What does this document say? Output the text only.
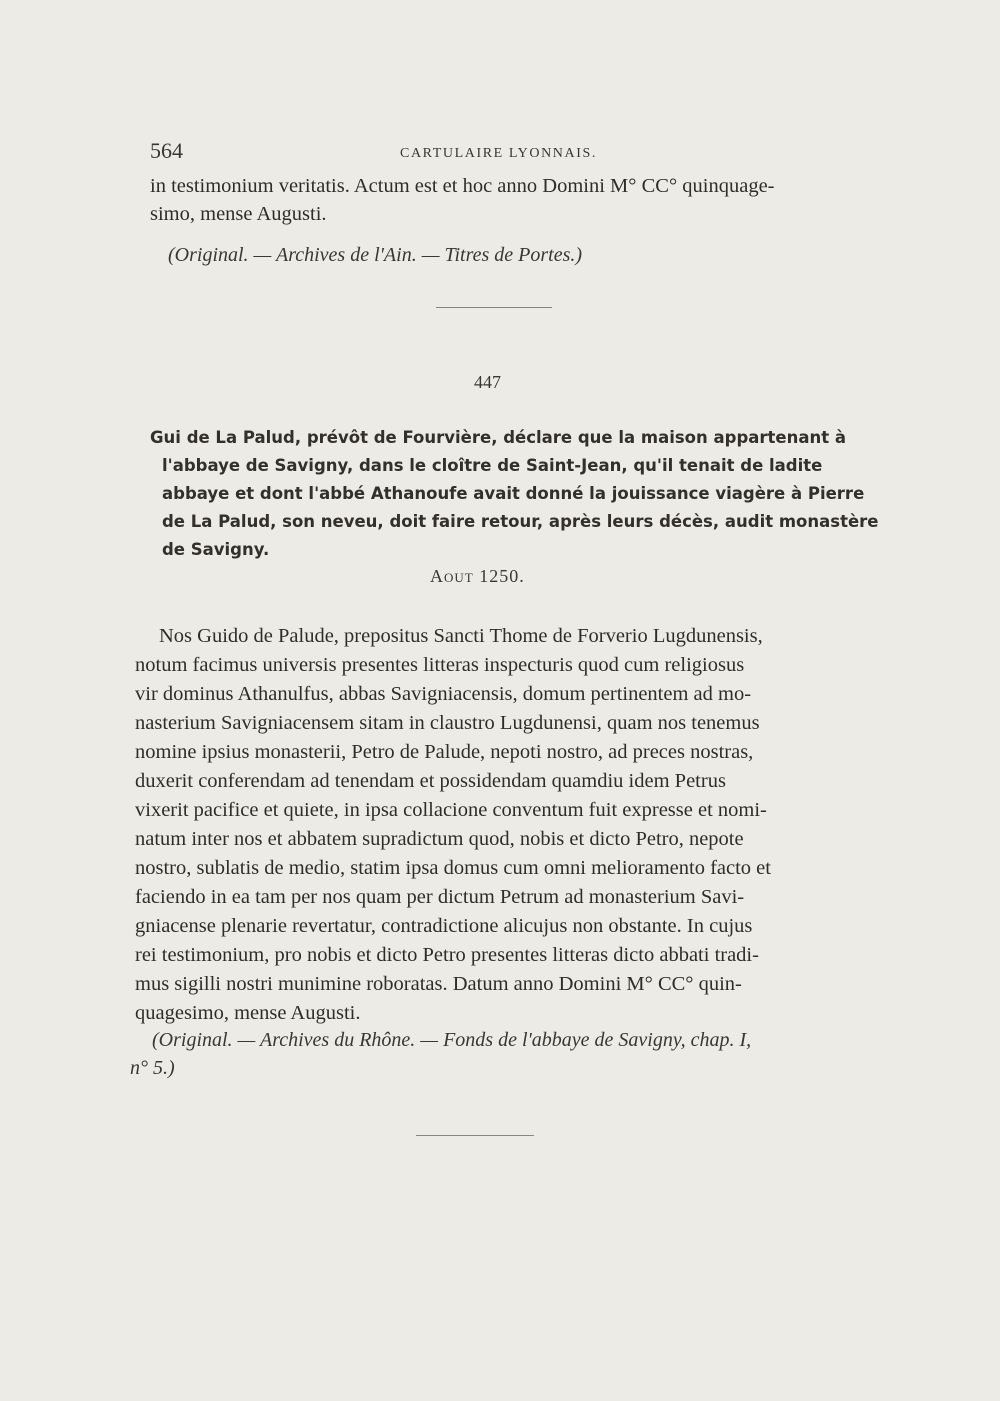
564	CARTULAIRE LYONNAIS.
in testimonium veritatis. Actum est et hoc anno Domini M° CC° quinquage-
simo, mense Augusti.
(Original. — Archives de l'Ain. — Titres de Portes.)
447
Gui de La Palud, prévôt de Fourvière, déclare que la maison appartenant à
l'abbaye de Savigny, dans le cloître de Saint-Jean, qu'il tenait de ladite
abbaye et dont l'abbé Athanoufe avait donné la jouissance viagère à Pierre
de La Palud, son neveu, doit faire retour, après leurs décès, audit monastère
de Savigny.
Aout 1250.
Nos Guido de Palude, prepositus Sancti Thome de Forverio Lugdunensis,
notum facimus universis presentes litteras inspecturis quod cum religiosus
vir dominus Athanulfus, abbas Savigniacensis, domum pertinentem ad mo-
nasterium Savigniacensem sitam in claustro Lugdunensi, quam nos tenemus
nomine ipsius monasterii, Petro de Palude, nepoti nostro, ad preces nostras,
duxerit conferendam ad tenendam et possidendam quamdiu idem Petrus
vixerit pacifice et quiete, in ipsa collacione conventum fuit expresse et nomi-
natum inter nos et abbatem supradictum quod, nobis et dicto Petro, nepote
nostro, sublatis de medio, statim ipsa domus cum omni melioramento facto et
faciendo in ea tam per nos quam per dictum Petrum ad monasterium Savi-
gniacense plenarie revertatur, contradictione alicujus non obstante. In cujus
rei testimonium, pro nobis et dicto Petro presentes litteras dicto abbati tradi-
mus sigilli nostri munimine roboratas. Datum anno Domini M° CC° quin-
quagesimo, mense Augusti.
(Original. — Archives du Rhône. — Fonds de l'abbaye de Savigny, chap. I,
n° 5.)
